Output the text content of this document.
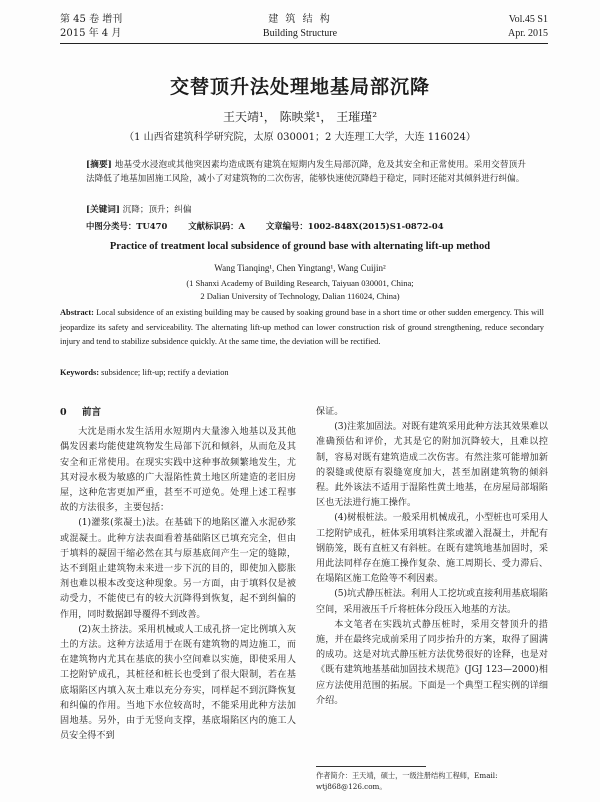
第 45 卷 增刊
2015 年 4 月
建 筑 结 构
Building Structure
Vol.45 S1
Apr. 2015
交替顶升法处理地基局部沉降
王天靖¹， 陈映棠¹， 王璀瑾²
（1 山西省建筑科学研究院，太原 030001；2 大连理工大学，大连 116024）
[摘要] 地基受水浸泡或其他突因素均造成既有建筑在短期内发生局部沉降，危及其安全和正常使用。采用交替顶升法降低了地基加固施工风险，减小了对建筑物的二次伤害，能够快速使沉降趋于稳定，同时还能对其倾斜进行纠偏。
[关键词] 沉降；顶升；纠偏
中图分类号：TU470 文献标识码：A 文章编号：1002-848X(2015)S1-0872-04
Practice of treatment local subsidence of ground base with alternating lift-up method
Wang Tianqing¹, Chen Yingtang¹, Wang Cuijin²
(1 Shanxi Academy of Building Research, Taiyuan 030001, China;
2 Dalian University of Technology, Dalian 116024, China)
Abstract: Local subsidence of an existing building may be caused by soaking ground base in a short time or other sudden emergency. This will jeopardize its safety and serviceability. The alternating lift-up method can lower construction risk of ground strengthening, reduce secondary injury and tend to stabilize subsidence quickly. At the same time, the deviation will be rectified.
Keywords: subsidence; lift-up; rectify a deviation
0 前言

大沈是雨水发生活用水短期内大量渗入地基以及其他偶发因素均能使建筑物发生局部下沉和倾斜，从而危及其安全和正常使用。在现实实践中这种事故频繁地发生，尤其对浸水极为敏感的广大湿陷性黄土地区所建造的老旧房屋，这种危害更加严重，甚至不可逆免。处理上述工程事故的方法很多，主要包括：

(1)灌浆(浆凝土)法。在基础下的地陷区灌入水泥砂浆或混凝土。此种方法表面看着基础陷区已填充完全，但由于填料的凝固干缩必然在其与原基底间产生一定的缝隙，达不到阻止建筑物未来进一步下沉的目的，即使加入膨胀剂也难以根本改变这种现象。另一方面，由于填料仅是被动受力，不能使已有的较大沉降得到恢复，起不到纠偏的作用，同时数据卸导覆得不到改善。

(2)灰土挤法。采用机械或人工成孔挤一定比例填入灰土的方法。这种方法适用于在既有建筑物的周边施工，而在建筑物内尤其在基底的狭小空间难以实施，即使采用人工挖附铲成孔，其桩径和桩长也受到了很大限制，若在基底塌陷区内填入灰土难以充分夯实，同样起不到沉降恢复和纠偏的作用。当地下水位较高时，不能采用此种方法加固地基。另外，由于无竖向支撑，基底塌陷区内的施工人员安全得不到

保证。

(3)注浆加固法。对既有建筑采用此种方法其效果难以准确预估和评价，尤其是它的附加沉降较大，且难以控制，容易对既有建筑造成二次伤害。有然注浆可能增加新的裂缝或使原有裂缝宽度加大，甚至加剧建筑物的倾斜程。此外该法不适用于湿陷性黄土地基，在房屋局部塌陷区也无法进行施工操作。

(4)树根桩法。一般采用机械成孔，小型桩也可采用人工挖附铲成孔，桩体采用填料注浆或灌入混凝土，并配有钢筋笼，既有直桩又有斜桩。在既有建筑地基加固时，采用此法同样存在施工操作复杂、施工周期长、受力滞后、在塌陷区施工危险等不利因素。

(5)坑式静压桩法。利用人工挖坑或直接利用基底塌陷空间，采用液压千斤将桩体分段压入地基的方法。

本文笔者在实践坑式静压桩时，采用交替顶升的措施，并在最终完成前采用了同步抬升的方案，取得了圆满的成功。这是对坑式静压桩方法优势很好的诠释，也是对《既有建筑地基基础加固技术规范》(JGJ 123—2000)相应方法使用范围的拓展。下面是一个典型工程实例的详细介绍。

作者简介：王天靖，硕士，一级注册结构工程师，Email: wtj868@126.com。
